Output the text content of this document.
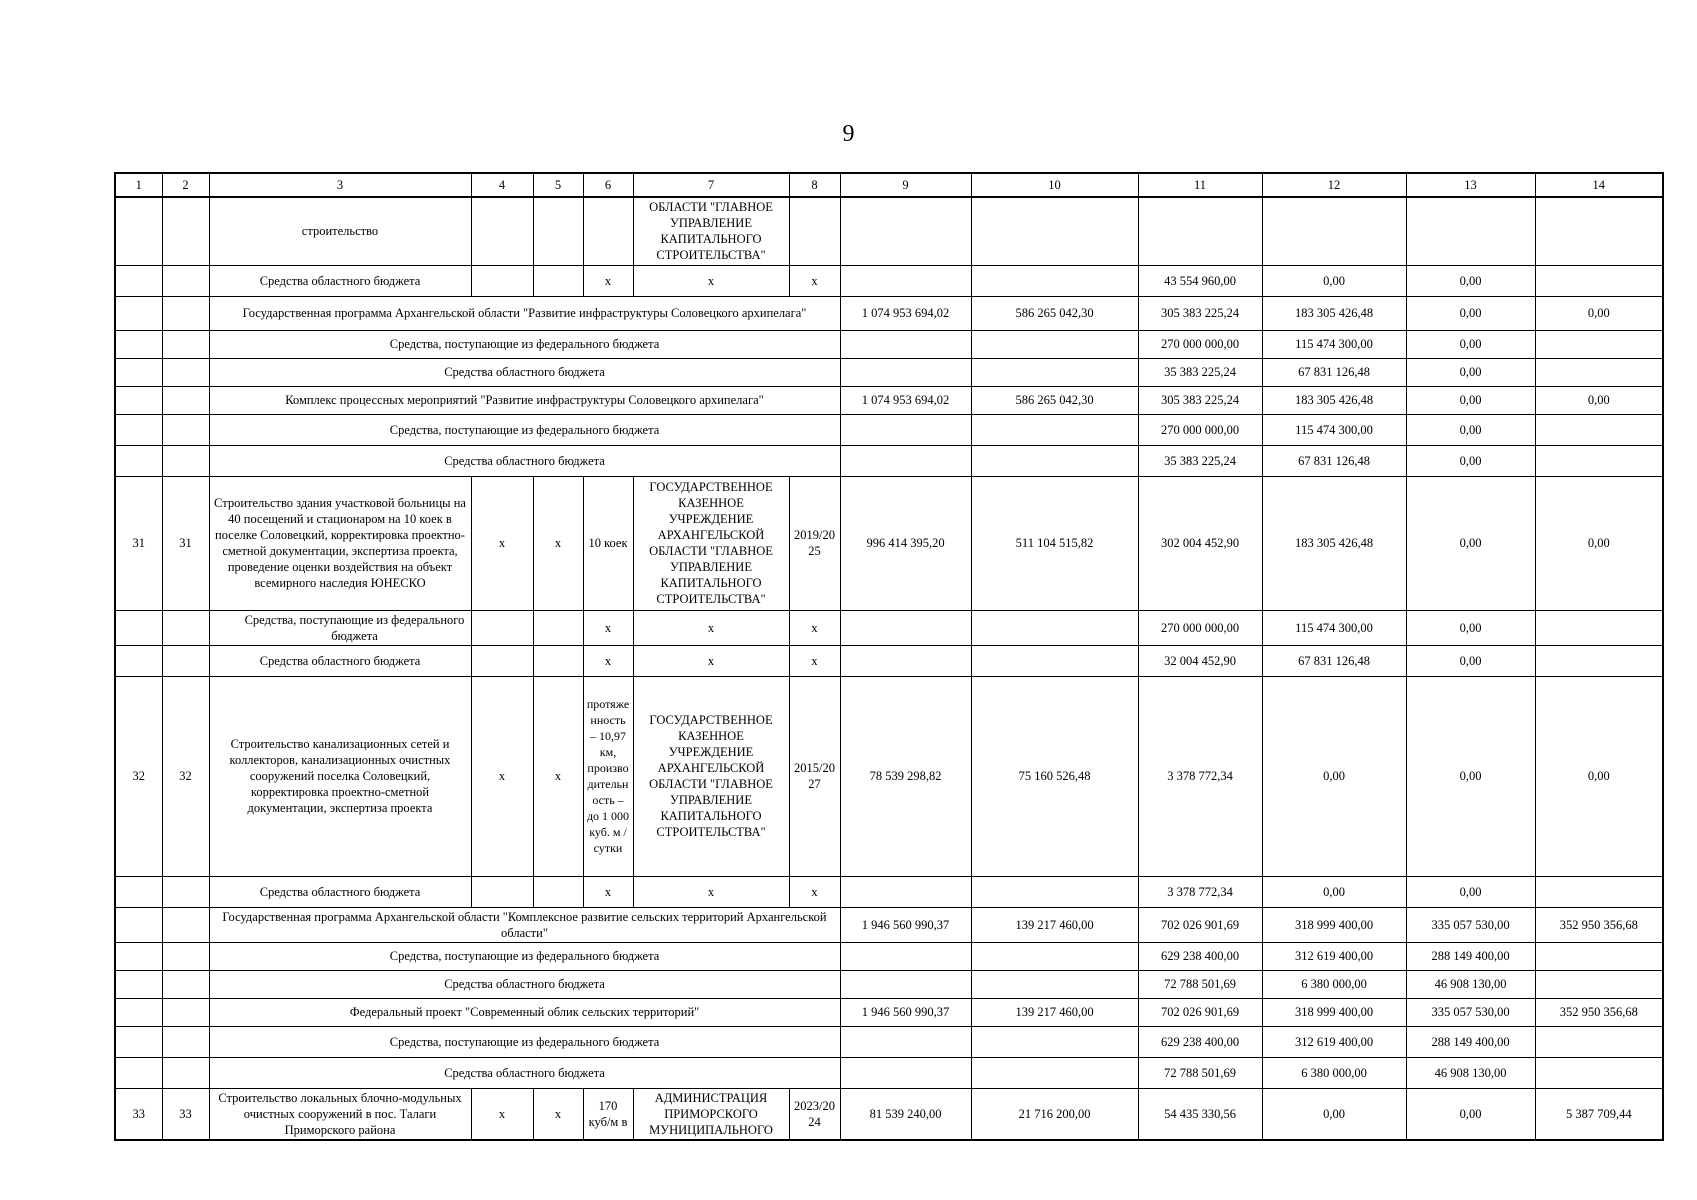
9
1	2	3	4	5	6	7	8	9	10	11	12	13	14
		строительство				ОБЛАСТИ "ГЛАВНОЕ УПРАВЛЕНИЕ КАПИТАЛЬНОГО СТРОИТЕЛЬСТВА"							
		Средства областного бюджета			х	х	х			43 554 960,00	0,00	0,00	
		Государственная программа Архангельской области "Развитие инфраструктуры Соловецкого архипелага"						1 074 953 694,02	586 265 042,30	305 383 225,24	183 305 426,48	0,00	0,00
		Средства, поступающие из федерального бюджета								270 000 000,00	115 474 300,00	0,00	
		Средства областного бюджета								35 383 225,24	67 831 126,48	0,00	
		Комплекс процессных мероприятий "Развитие инфраструктуры Соловецкого архипелага"						1 074 953 694,02	586 265 042,30	305 383 225,24	183 305 426,48	0,00	0,00
		Средства, поступающие из федерального бюджета								270 000 000,00	115 474 300,00	0,00	
		Средства областного бюджета								35 383 225,24	67 831 126,48	0,00	
31	31	Строительство здания участковой больницы на 40 посещений и стационаром на 10 коек в поселке Соловецкий, корректировка проектно-сметной документации, экспертиза проекта, проведение оценки воздействия на объект всемирного наследия ЮНЕСКО	х	х	10 коек	ГОСУДАРСТВЕННОЕ КАЗЕННОЕ УЧРЕЖДЕНИЕ АРХАНГЕЛЬСКОЙ ОБЛАСТИ "ГЛАВНОЕ УПРАВЛЕНИЕ КАПИТАЛЬНОГО СТРОИТЕЛЬСТВА"	2019/2025	996 414 395,20	511 104 515,82	302 004 452,90	183 305 426,48	0,00	0,00
		Средства, поступающие из федерального бюджета			х	х	х			270 000 000,00	115 474 300,00	0,00	
		Средства областного бюджета			х	х	х			32 004 452,90	67 831 126,48	0,00	
32	32	Строительство канализационных сетей и коллекторов, канализационных очистных сооружений поселка Соловецкий, корректировка проектно-сметной документации, экспертиза проекта	х	х	протяженность – 10,97 км, производительность – до 1 000 куб. м / сутки	ГОСУДАРСТВЕННОЕ КАЗЕННОЕ УЧРЕЖДЕНИЕ АРХАНГЕЛЬСКОЙ ОБЛАСТИ "ГЛАВНОЕ УПРАВЛЕНИЕ КАПИТАЛЬНОГО СТРОИТЕЛЬСТВА"	2015/2027	78 539 298,82	75 160 526,48	3 378 772,34	0,00	0,00	0,00
		Средства областного бюджета			х	х	х			3 378 772,34	0,00	0,00	
		Государственная программа Архангельской области "Комплексное развитие сельских территорий Архангельской области"						1 946 560 990,37	139 217 460,00	702 026 901,69	318 999 400,00	335 057 530,00	352 950 356,68
		Средства, поступающие из федерального бюджета								629 238 400,00	312 619 400,00	288 149 400,00	
		Средства областного бюджета								72 788 501,69	6 380 000,00	46 908 130,00	
		Федеральный проект "Современный облик сельских территорий"						1 946 560 990,37	139 217 460,00	702 026 901,69	318 999 400,00	335 057 530,00	352 950 356,68
		Средства, поступающие из федерального бюджета								629 238 400,00	312 619 400,00	288 149 400,00	
		Средства областного бюджета								72 788 501,69	6 380 000,00	46 908 130,00	
33	33	Строительство локальных блочно-модульных очистных сооружений в пос. Талаги Приморского района	х	х	170 куб/м в	АДМИНИСТРАЦИЯ ПРИМОРСКОГО МУНИЦИПАЛЬНОГО	2023/2024	81 539 240,00	21 716 200,00	54 435 330,56	0,00	0,00	5 387 709,44
